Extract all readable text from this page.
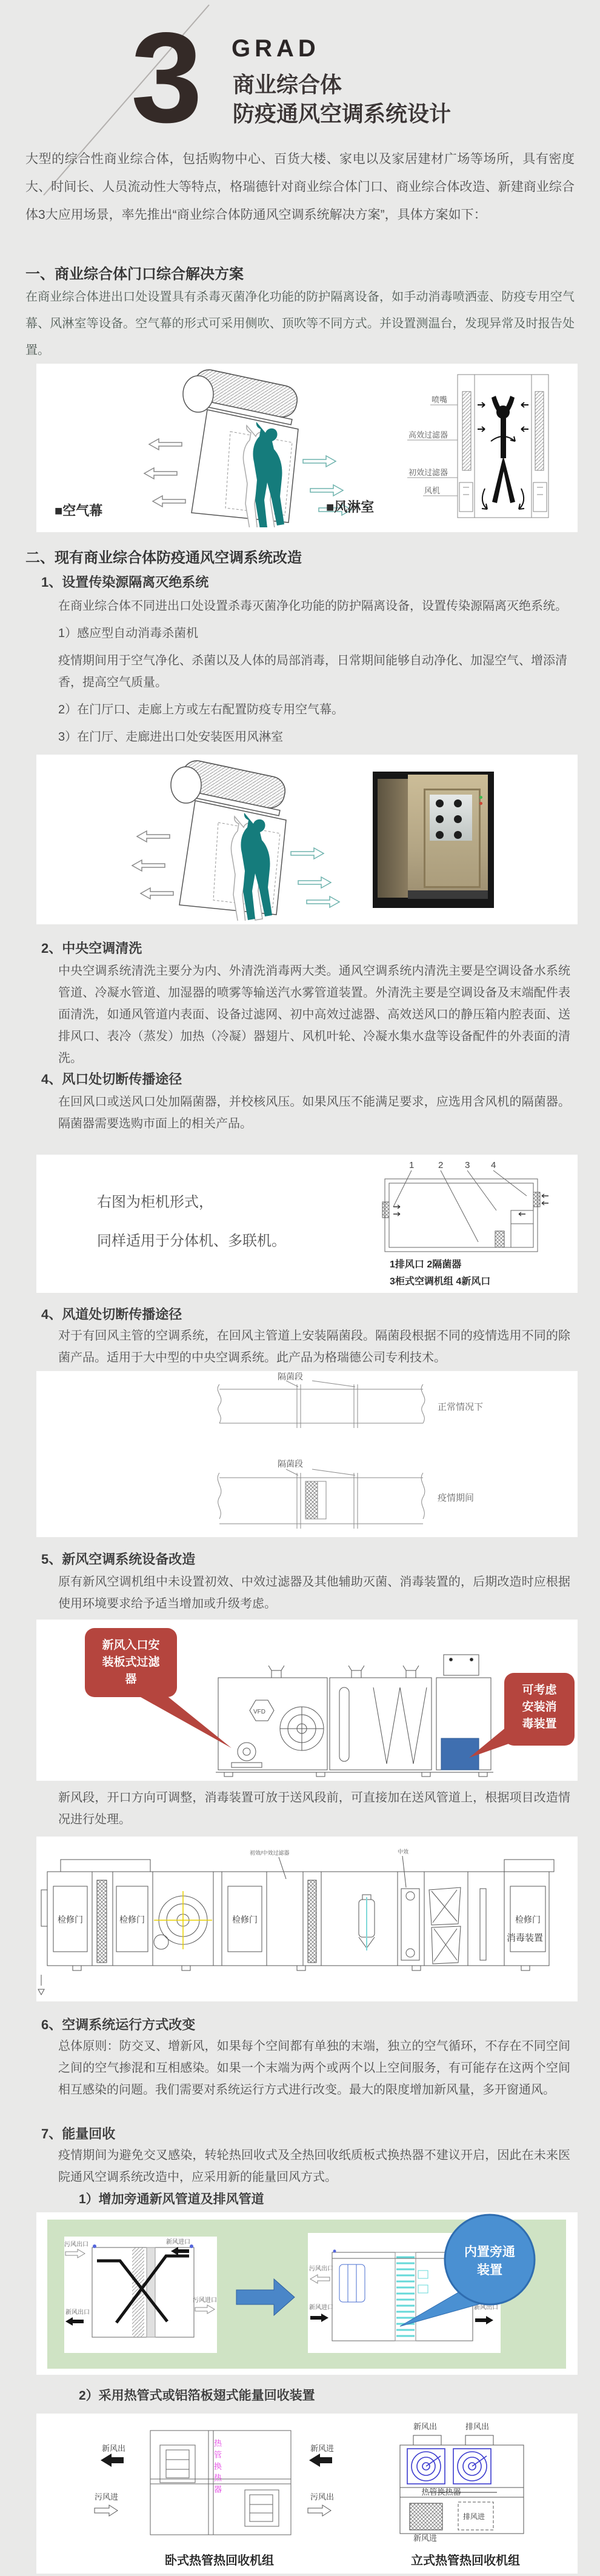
3 GRAD
商业综合体
防疫通风空调系统设计
大型的综合性商业综合体，包括购物中心、百货大楼、家电以及家居建材广场等场所，具有密度大、时间长、人员流动性大等特点，格瑞德针对商业综合体门口、商业综合体改造、新建商业综合体3大应用场景，率先推出“商业综合体防通风空调系统解决方案”，具体方案如下：
一、商业综合体门口综合解决方案
在商业综合体进出口处设置具有杀毒灭菌净化功能的防护隔离设备，如手动消毒喷洒壶、防疫专用空气幕、风淋室等设备。空气幕的形式可采用侧吹、顶吹等不同方式。并设置测温台，发现异常及时报告处置。
■空气幕
喷嘴
高效过滤器
初效过滤器
风机
■风淋室
二、现有商业综合体防疫通风空调系统改造
1、设置传染源隔离灭绝系统
在商业综合体不同进出口处设置杀毒灭菌净化功能的防护隔离设备，设置传染源隔离灭绝系统。
1）感应型自动消毒杀菌机
疫情期间用于空气净化、杀菌以及人体的局部消毒，日常期间能够自动净化、加湿空气、增添清香，提高空气质量。
2）在门厅口、走廊上方或左右配置防疫专用空气幕。
3）在门厅、走廊进出口处安装医用风淋室
2、中央空调清洗
中央空调系统清洗主要分为内、外清洗消毒两大类。通风空调系统内清洗主要是空调设备水系统管道、冷凝水管道、加湿器的喷雾等输送汽水雾管道装置。外清洗主要是空调设备及末端配件表面清洗，如通风管道内表面、设备过滤网、初中高效过滤器、高效送风口的静压箱内腔表面、送排风口、表冷（蒸发）加热（冷凝）器翅片、风机叶轮、冷凝水集水盘等设备配件的外表面的清洗。
4、风口处切断传播途径
在回风口或送风口处加隔菌器，并校核风压。如果风压不能满足要求，应选用含风机的隔菌器。隔菌器需要选购市面上的相关产品。
右图为柜机形式，
同样适用于分体机、多联机。
1	2 3 4
1排风口 2隔菌器
3柜式空调机组 4新风口
4、风道处切断传播途径
对于有回风主管的空调系统，在回风主管道上安装隔菌段。隔菌段根据不同的疫情选用不同的除菌产品。适用于大中型的中央空调系统。此产品为格瑞德公司专利技术。
隔菌段
正常情况下
隔菌段
疫情期间
5、新风空调系统设备改造
原有新风空调机组中未设置初效、中效过滤器及其他辅助灭菌、消毒装置的，后期改造时应根据使用环境要求给予适当增加或升级考虑。
VFD
新风入口安
装板式过滤
器
可考虑
安装消
毒装置
新风段，开口方向可调整，消毒装置可放于送风段前，可直接加在送风管道上，根据项目改造情况进行处理。
检修门	检修门	检修门	检修门
消毒装置
初效/中效过滤器	中效
6、空调系统运行方式改变
总体原则：防交叉、增新风，如果每个空间都有单独的末端，独立的空气循环，不存在不同空间之间的空气掺混和互相感染。如果一个末端为两个或两个以上空间服务，有可能存在这两个空间相互感染的问题。我们需要对系统运行方式进行改变。最大的限度增加新风量，多开窗通风。
7、能量回收
疫情期间为避免交叉感染，转轮热回收式及全热回收纸质板式换热器不建议开启，因此在未来医院通风空调系统改造中，应采用新的能量回风方式。
1）增加旁通新风管道及排风管道
污风出口	新风进口
污风进口
新风出口
污风出口
新风进口	新风出口
内置旁通
装置
2）采用热管式或铝箔板翅式能量回收装置
新风出
污风进
新风进
污风出
新风出	排风出
热管换热器
新风进
排风进
热管换热器
卧式热管热回收机组	立式热管热回收机组
